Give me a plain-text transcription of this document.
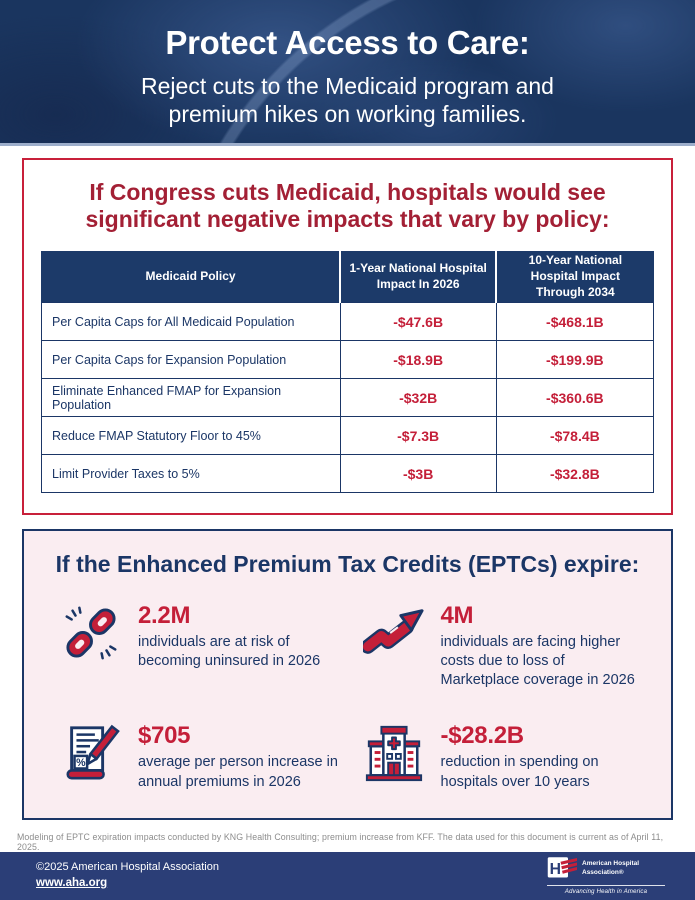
Protect Access to Care:
Reject cuts to the Medicaid program and
premium hikes on working families.
If Congress cuts Medicaid, hospitals would see significant negative impacts that vary by policy:
Medicaid Policy	1-Year National Hospital Impact In 2026	10-Year National Hospital Impact Through 2034
Per Capita Caps for All Medicaid Population	-$47.6B	-$468.1B
Per Capita Caps for Expansion Population	-$18.9B	-$199.9B
Eliminate Enhanced FMAP for Expansion Population	-$32B	-$360.6B
Reduce FMAP Statutory Floor to 45%	-$7.3B	-$78.4B
Limit Provider Taxes to 5%	-$3B	-$32.8B
If the Enhanced Premium Tax Credits (EPTCs) expire:
2.2M
individuals are at risk of becoming uninsured in 2026
4M
individuals are facing higher costs due to loss of Marketplace coverage in 2026
%
$705
average per person increase in annual premiums in 2026
-$28.2B
reduction in spending on hospitals over 10 years
Modeling of EPTC expiration impacts conducted by KNG Health Consulting; premium increase from KFF. The data used for this document is current as of April 11, 2025.
©2025 American Hospital Association
www.aha.org
H	American Hospital
Association®
Advancing Health in America
